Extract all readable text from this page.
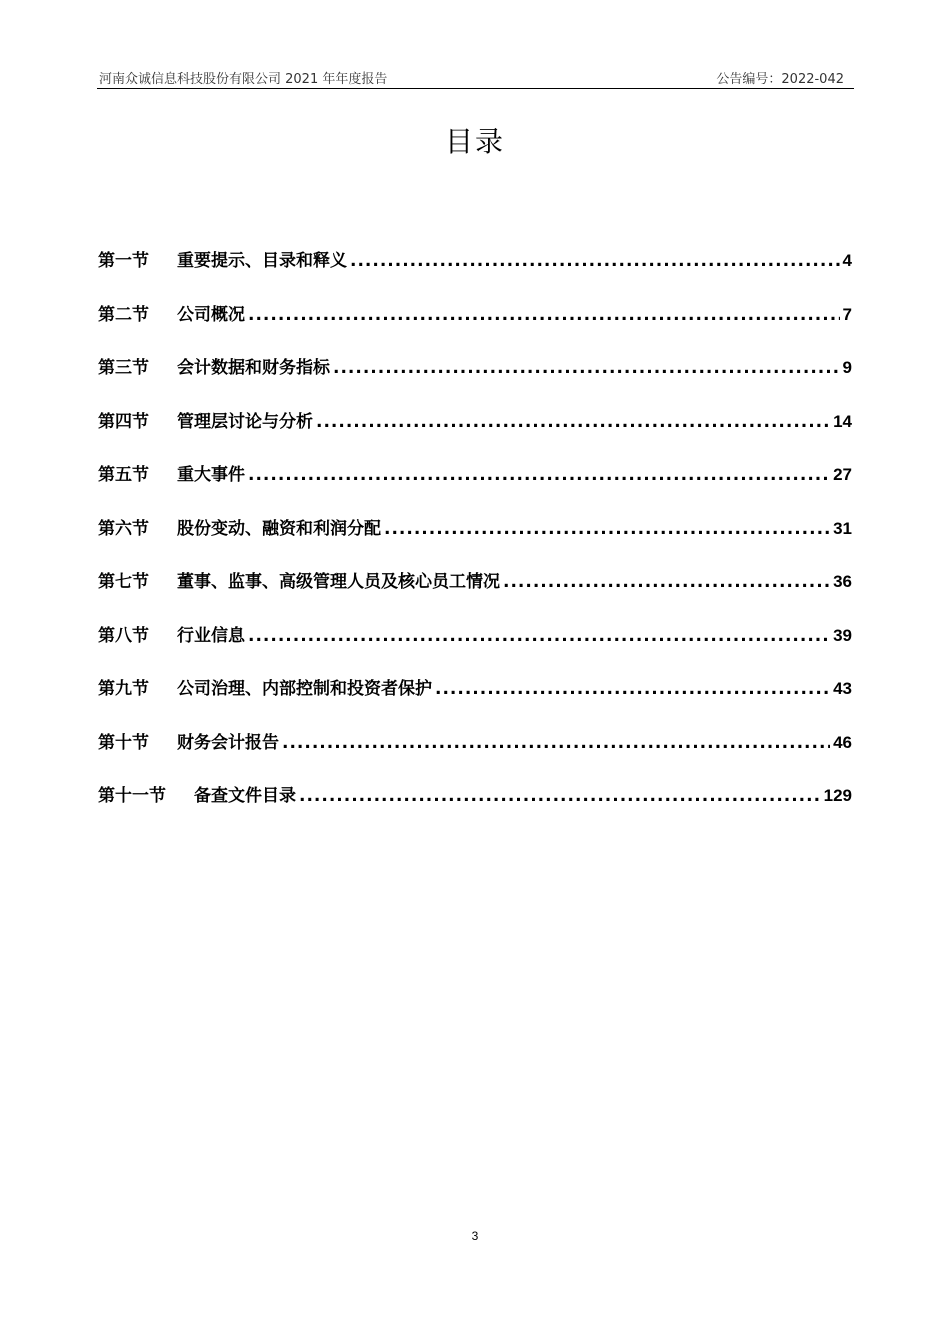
河南众诚信息科技股份有限公司 2021 年年度报告	公告编号：2022-042
目录
第一节 重要提示、目录和释义 .....	4
第二节 公司概况 .....	7
第三节 会计数据和财务指标 .....	9
第四节 管理层讨论与分析 .....	14
第五节 重大事件 .....	27
第六节 股份变动、融资和利润分配 .....	31
第七节 董事、监事、高级管理人员及核心员工情况 .....	36
第八节 行业信息 .....	39
第九节 公司治理、内部控制和投资者保护 .....	43
第十节 财务会计报告 .....	46
第十一节 备查文件目录 .....	129
3
